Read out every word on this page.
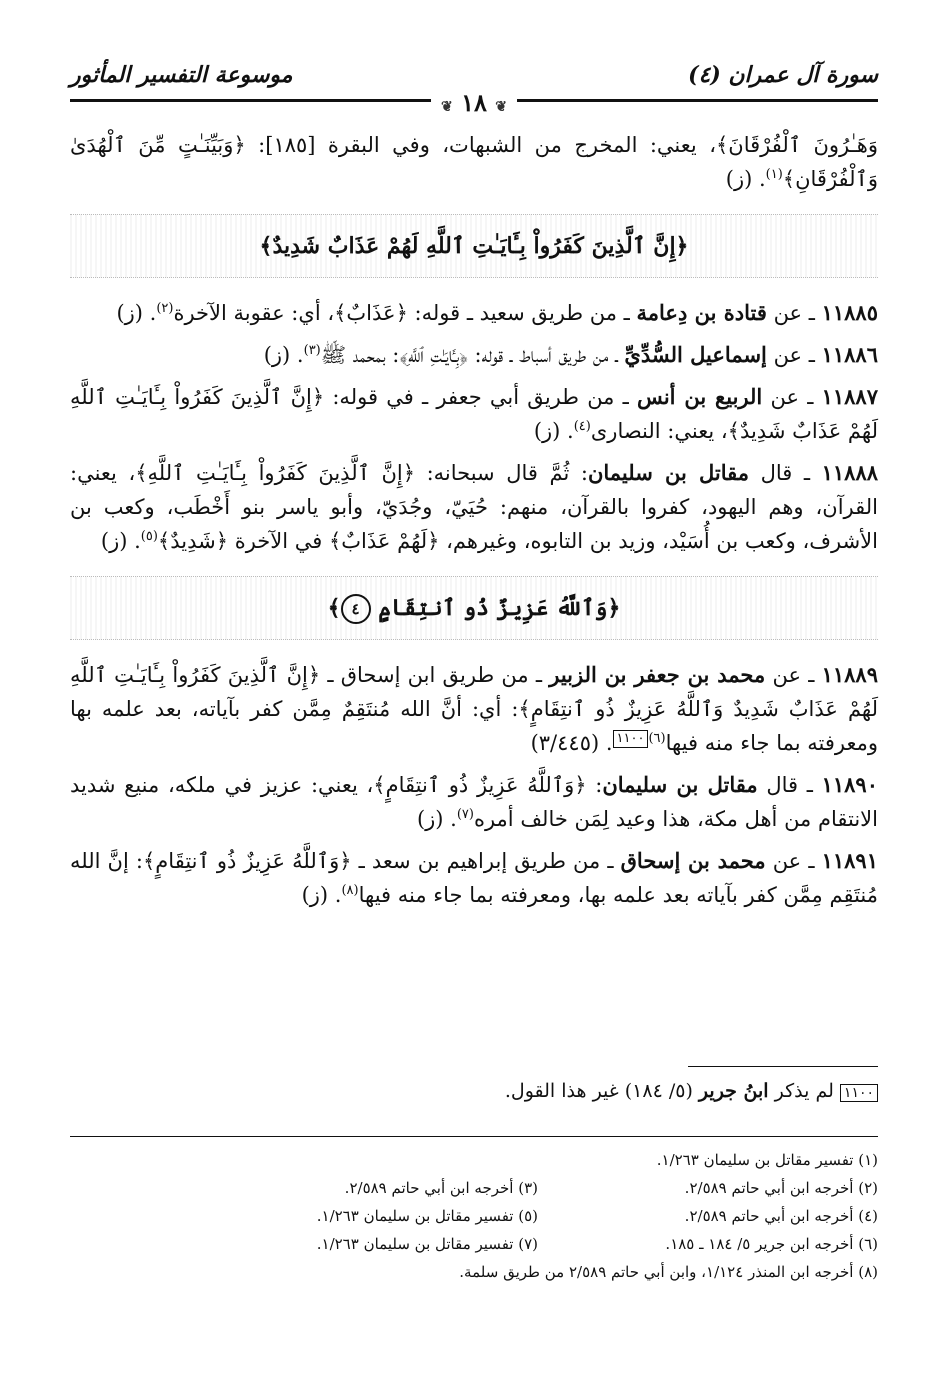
سورة آل عمران (٤)
موسوعة التفسير المأثور
❦ ١٨ ❦

وَهَـٰرُونَ ٱلْفُرْقَانَ﴾، يعني: المخرج من الشبهات، وفي البقرة [١٨٥]: ﴿وَبَيِّنَـٰتٍ مِّنَ ٱلْهُدَىٰ وَٱلْفُرْقَانِ﴾$^{(١)}$. (ز)

﴿إِنَّ ٱلَّذِينَ كَفَرُواْ بِـَٔايَـٰتِ ٱللَّهِ لَهُمْ عَذَابٌ شَدِيدٌ﴾

١١٨٨٥ ـ عن قتادة بن دِعامة ـ من طريق سعيد ـ قوله: ﴿عَذَابٌ﴾، أي: عقوبة الآخرة$^{(٢)}$. (ز)

١١٨٨٦ ـ عن إسماعيل السُّدِّيِّ ـ من طريق أسباط ـ قوله: ﴿بِـَٔايَـٰتِ ٱللَّهِ﴾: بمحمد ﷺ$^{(٣)}$. (ز)

١١٨٨٧ ـ عن الربيع بن أنس ـ من طريق أبي جعفر ـ في قوله: ﴿إِنَّ ٱلَّذِينَ كَفَرُواْ بِـَٔايَـٰتِ ٱللَّهِ لَهُمْ عَذَابٌ شَدِيدٌ﴾، يعني: النصارى$^{(٤)}$. (ز)

١١٨٨٨ ـ قال مقاتل بن سليمان: ثُمَّ قال سبحانه: ﴿إِنَّ ٱلَّذِينَ كَفَرُواْ بِـَٔايَـٰتِ ٱللَّهِ﴾، يعني: القرآن، وهم اليهود، كفروا بالقرآن، منهم: حُيَيّ، وجُدَيّ، وأبو ياسر بنو أَخْطَب، وكعب بن الأشرف، وكعب بن أُسَيْد، وزيد بن التابوه، وغيرهم، ﴿لَهُمْ عَذَابٌ﴾ في الآخرة ﴿شَدِيدٌ﴾$^{(٥)}$. (ز)

﴿وَٱللَّهُ عَزِيزٌ ذُو ٱنتِقَامٍ ٤﴾

١١٨٨٩ ـ عن محمد بن جعفر بن الزبير ـ من طريق ابن إسحاق ـ ﴿إِنَّ ٱلَّذِينَ كَفَرُواْ بِـَٔايَـٰتِ ٱللَّهِ لَهُمْ عَذَابٌ شَدِيدٌ وَٱللَّهُ عَزِيزٌ ذُو ٱنتِقَامٍ﴾: أي: أنَّ الله مُنتَقِمٌ مِمَّن كفر بآياته، بعد علمه بها ومعرفته بما جاء منه فيها$^{(٦)}$١١٠٠. (٣/٤٤٥)

١١٨٩٠ ـ قال مقاتل بن سليمان: ﴿وَٱللَّهُ عَزِيزٌ ذُو ٱنتِقَامٍ﴾، يعني: عزيز في ملكه، منيع شديد الانتقام من أهل مكة، هذا وعيد لِمَن خالف أمره$^{(٧)}$. (ز)

١١٨٩١ ـ عن محمد بن إسحاق ـ من طريق إبراهيم بن سعد ـ ﴿وَٱللَّهُ عَزِيزٌ ذُو ٱنتِقَامٍ﴾: إنَّ الله مُنتَقِم مِمَّن كفر بآياته بعد علمه بها، ومعرفته بما جاء منه فيها$^{(٨)}$. (ز)

١١٠٠ لم يذكر ابنُ جرير (٥/ ١٨٤) غير هذا القول.
(١) تفسير مقاتل بن سليمان ١/٢٦٣.
(٢) أخرجه ابن أبي حاتم ٢/٥٨٩.
(٣) أخرجه ابن أبي حاتم ٢/٥٨٩.
(٤) أخرجه ابن أبي حاتم ٢/٥٨٩.
(٥) تفسير مقاتل بن سليمان ١/٢٦٣.
(٦) أخرجه ابن جرير ٥/ ١٨٤ ـ ١٨٥.
(٧) تفسير مقاتل بن سليمان ١/٢٦٣.
(٨) أخرجه ابن المنذر ١/١٢٤، وابن أبي حاتم ٢/٥٨٩ من طريق سلمة.
